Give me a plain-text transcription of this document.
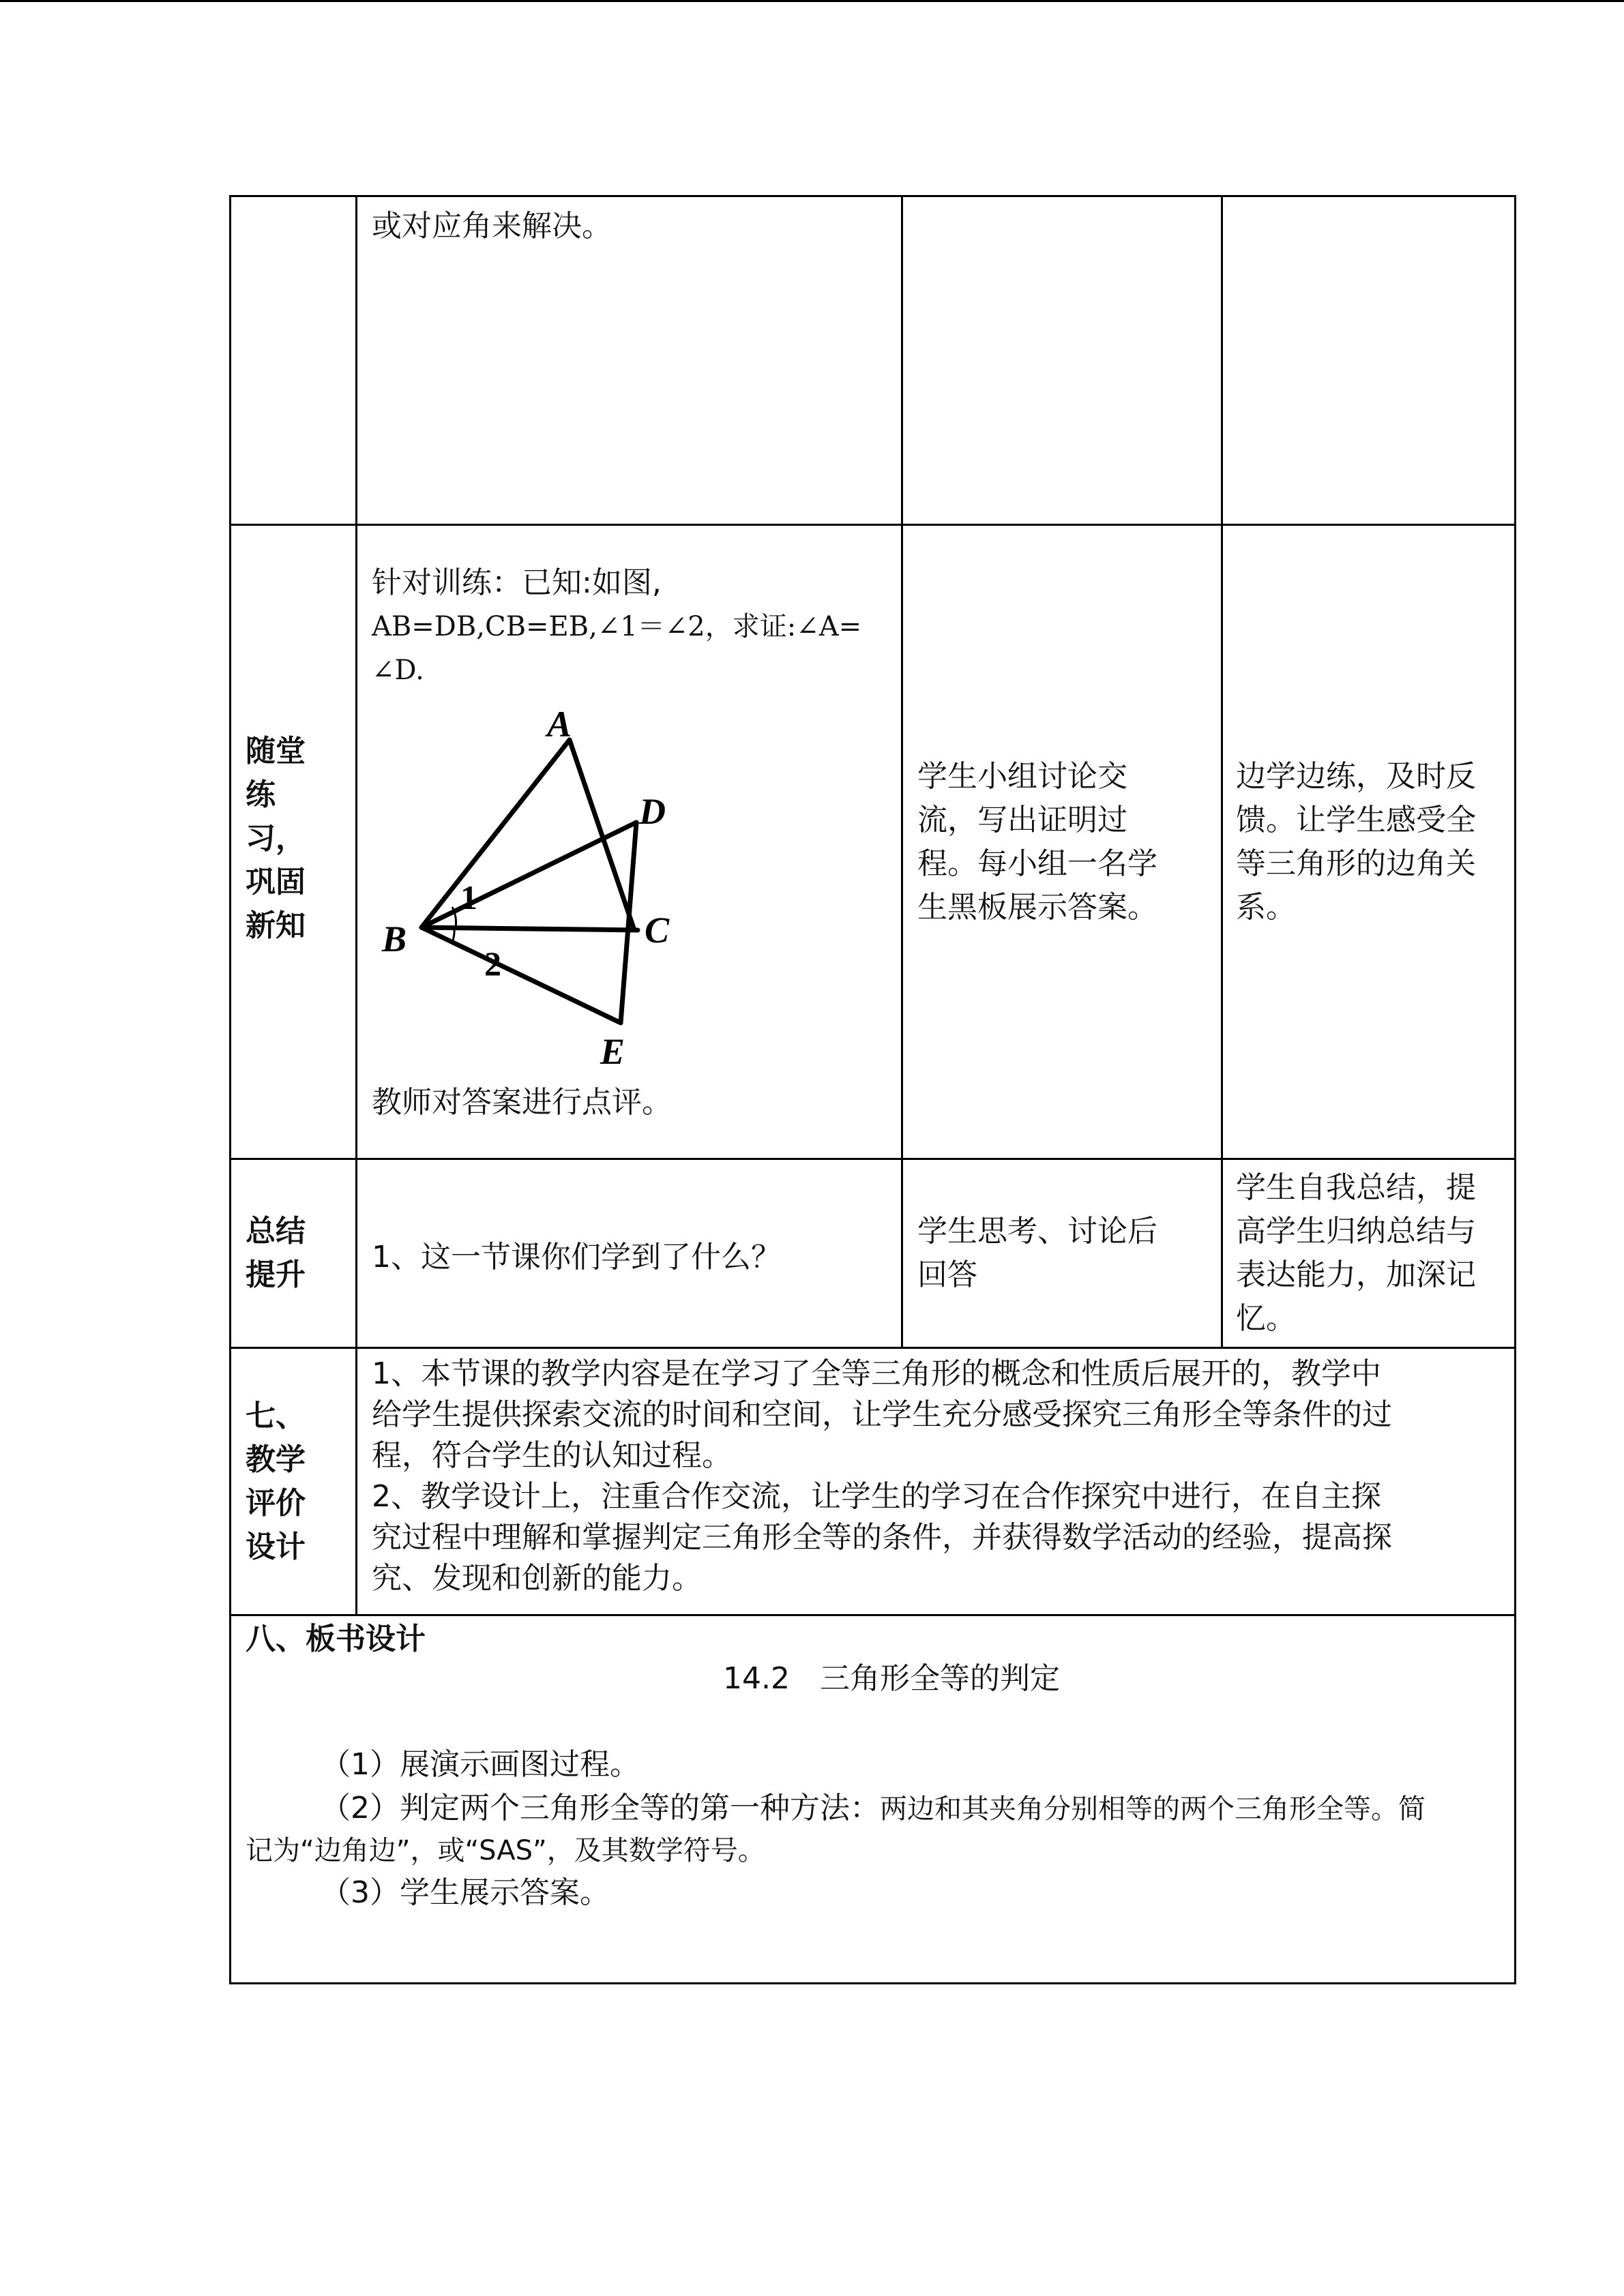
或对应角来解决。
随堂
练
习，
巩固
新知
针对训练：已知:如图,
AB=DB,CB=EB,∠1＝∠2，求证:∠A=
∠D.
A
B	C
D
E
1
2
教师对答案进行点评。
学生小组讨论交
流，写出证明过
程。每小组一名学
生黑板展示答案。
边学边练，及时反
馈。让学生感受全
等三角形的边角关
系。
总结
提升
1、这一节课你们学到了什么？
学生思考、讨论后
回答
学生自我总结，提
高学生归纳总结与
表达能力，加深记
忆。
七、
教学
评价
设计
1、本节课的教学内容是在学习了全等三角形的概念和性质后展开的，教学中
给学生提供探索交流的时间和空间，让学生充分感受探究三角形全等条件的过
程，符合学生的认知过程。
2、教学设计上，注重合作交流，让学生的学习在合作探究中进行，在自主探
究过程中理解和掌握判定三角形全等的条件，并获得数学活动的经验，提高探
究、发现和创新的能力。
八、板书设计
14.2　三角形全等的判定
（1）展演示画图过程。
（2）判定两个三角形全等的第一种方法：两边和其夹角分别相等的两个三角形全等。简
记为“边角边”，或“SAS”，及其数学符号。
（3）学生展示答案。
